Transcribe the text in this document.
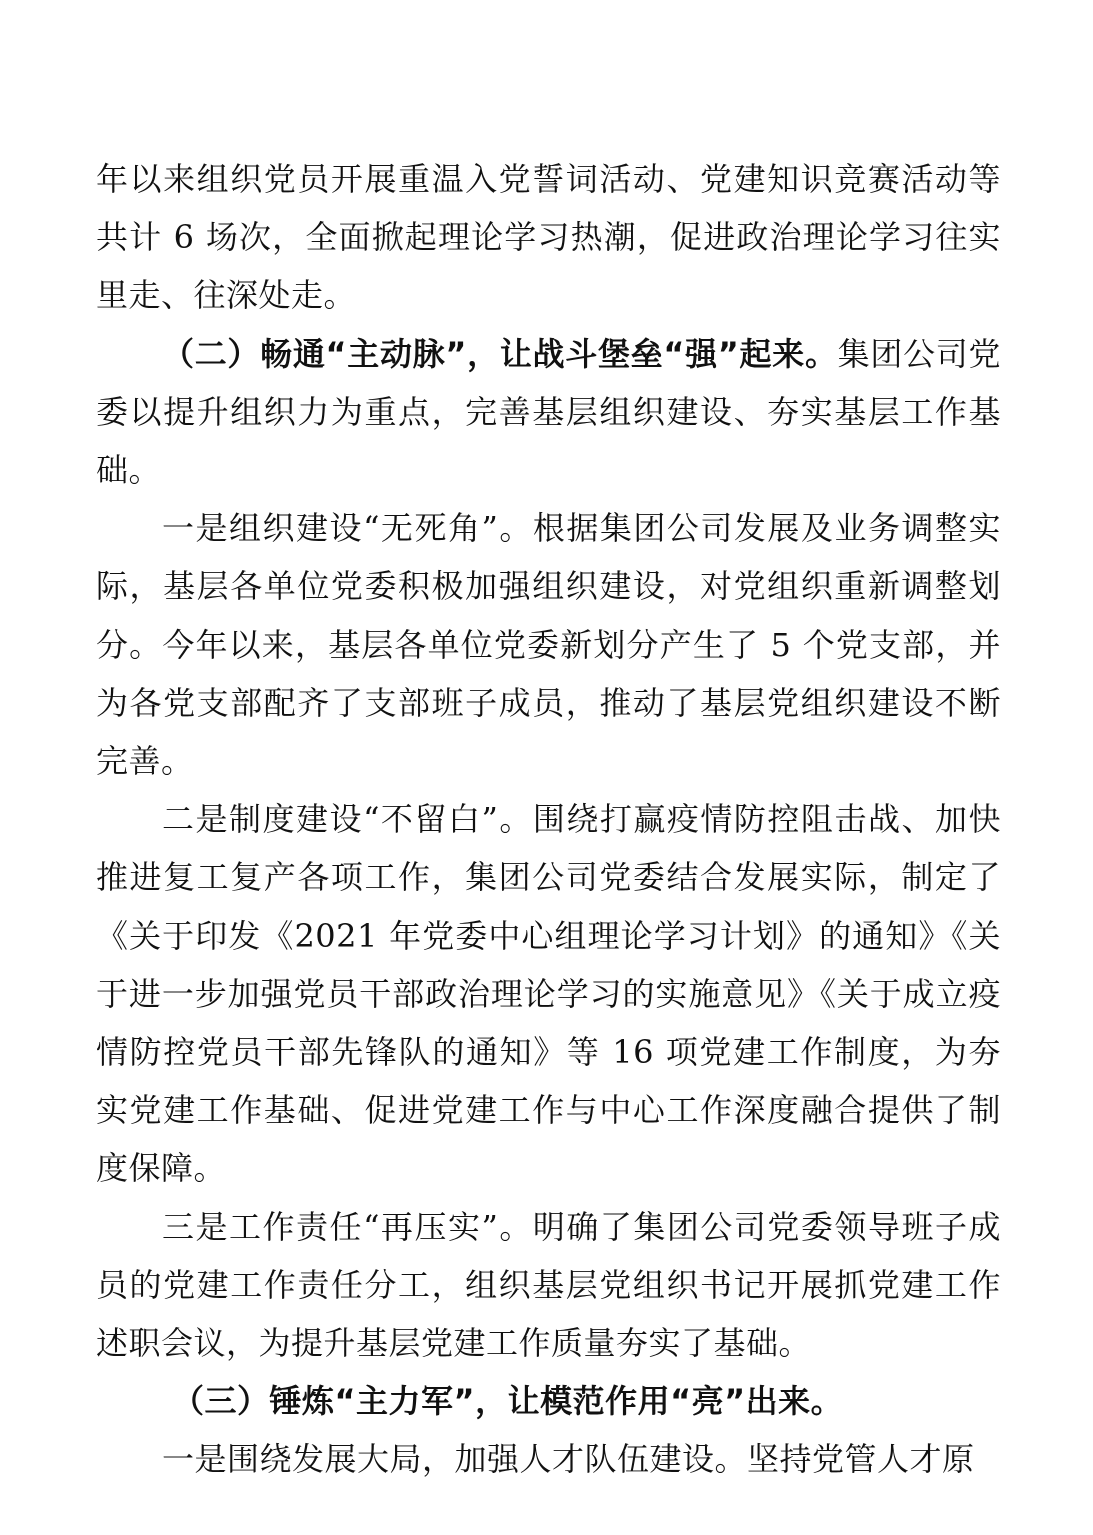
年以来组织党员开展重温入党誓词活动、党建知识竞赛活动等共计 6 场次，全面掀起理论学习热潮，促进政治理论学习往实里走、往深处走。

（二）畅通“主动脉”，让战斗堡垒“强”起来。集团公司党委以提升组织力为重点，完善基层组织建设、夯实基层工作基础。

一是组织建设“无死角”。根据集团公司发展及业务调整实际，基层各单位党委积极加强组织建设，对党组织重新调整划分。今年以来，基层各单位党委新划分产生了 5 个党支部，并为各党支部配齐了支部班子成员，推动了基层党组织建设不断完善。

二是制度建设“不留白”。围绕打赢疫情防控阻击战、加快推进复工复产各项工作，集团公司党委结合发展实际，制定了《关于印发《2021 年党委中心组理论学习计划》的通知》《关于进一步加强党员干部政治理论学习的实施意见》《关于成立疫情防控党员干部先锋队的通知》等 16 项党建工作制度，为夯实党建工作基础、促进党建工作与中心工作深度融合提供了制度保障。

三是工作责任“再压实”。明确了集团公司党委领导班子成员的党建工作责任分工，组织基层党组织书记开展抓党建工作述职会议，为提升基层党建工作质量夯实了基础。

（三）锤炼“主力军”，让模范作用“亮”出来。

一是围绕发展大局，加强人才队伍建设。坚持党管人才原
